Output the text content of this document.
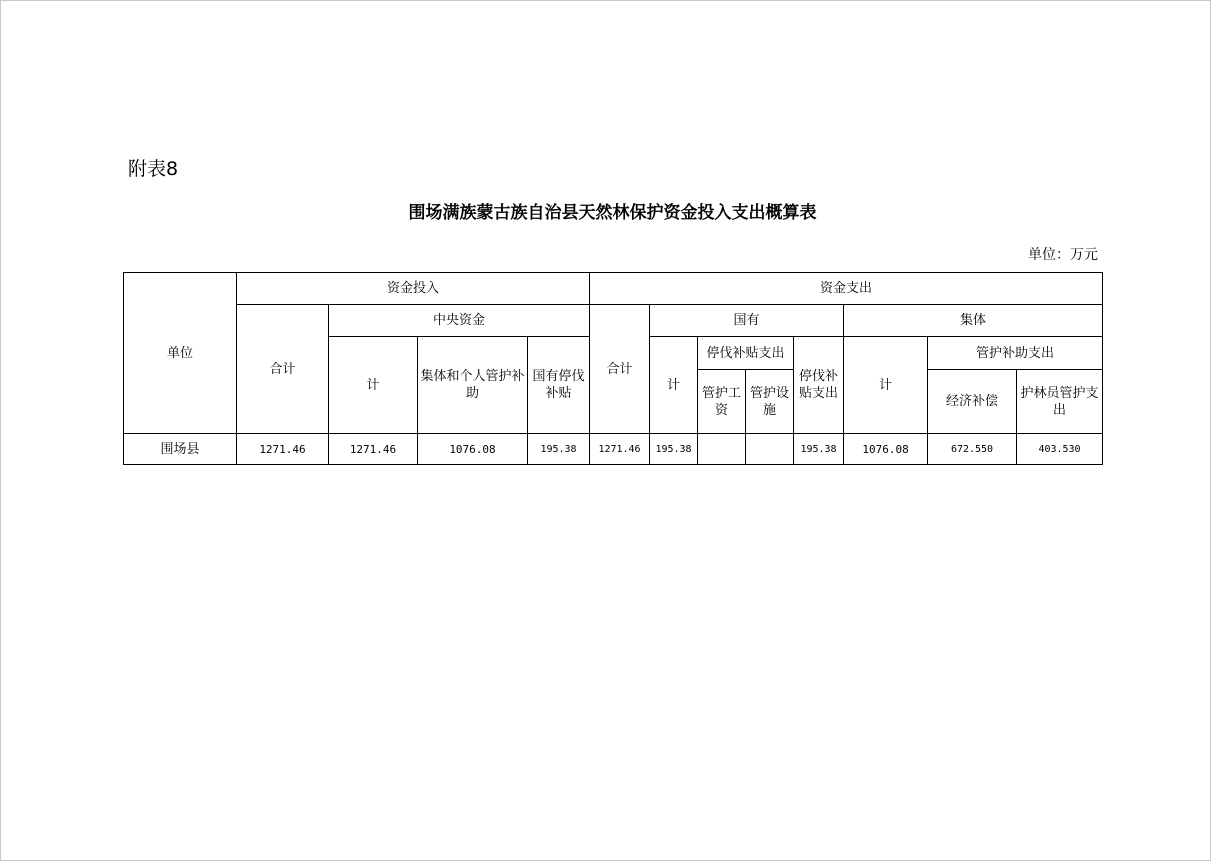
附表8
围场满族蒙古族自治县天然林保护资金投入支出概算表
单位：万元
单位	资金投入				资金支出							
	合计	中央资金			合计	国有				集体		
		计	集体和个人管护补助	国有停伐补贴		计	停伐补贴支出		停伐补贴支出	计	管护补助支出	
							管护工资	管护设施			经济补偿	护林员管护支出
围场县	1271.46	1271.46	1076.08	195.38	1271.46	195.38			195.38	1076.08	672.550	403.530
